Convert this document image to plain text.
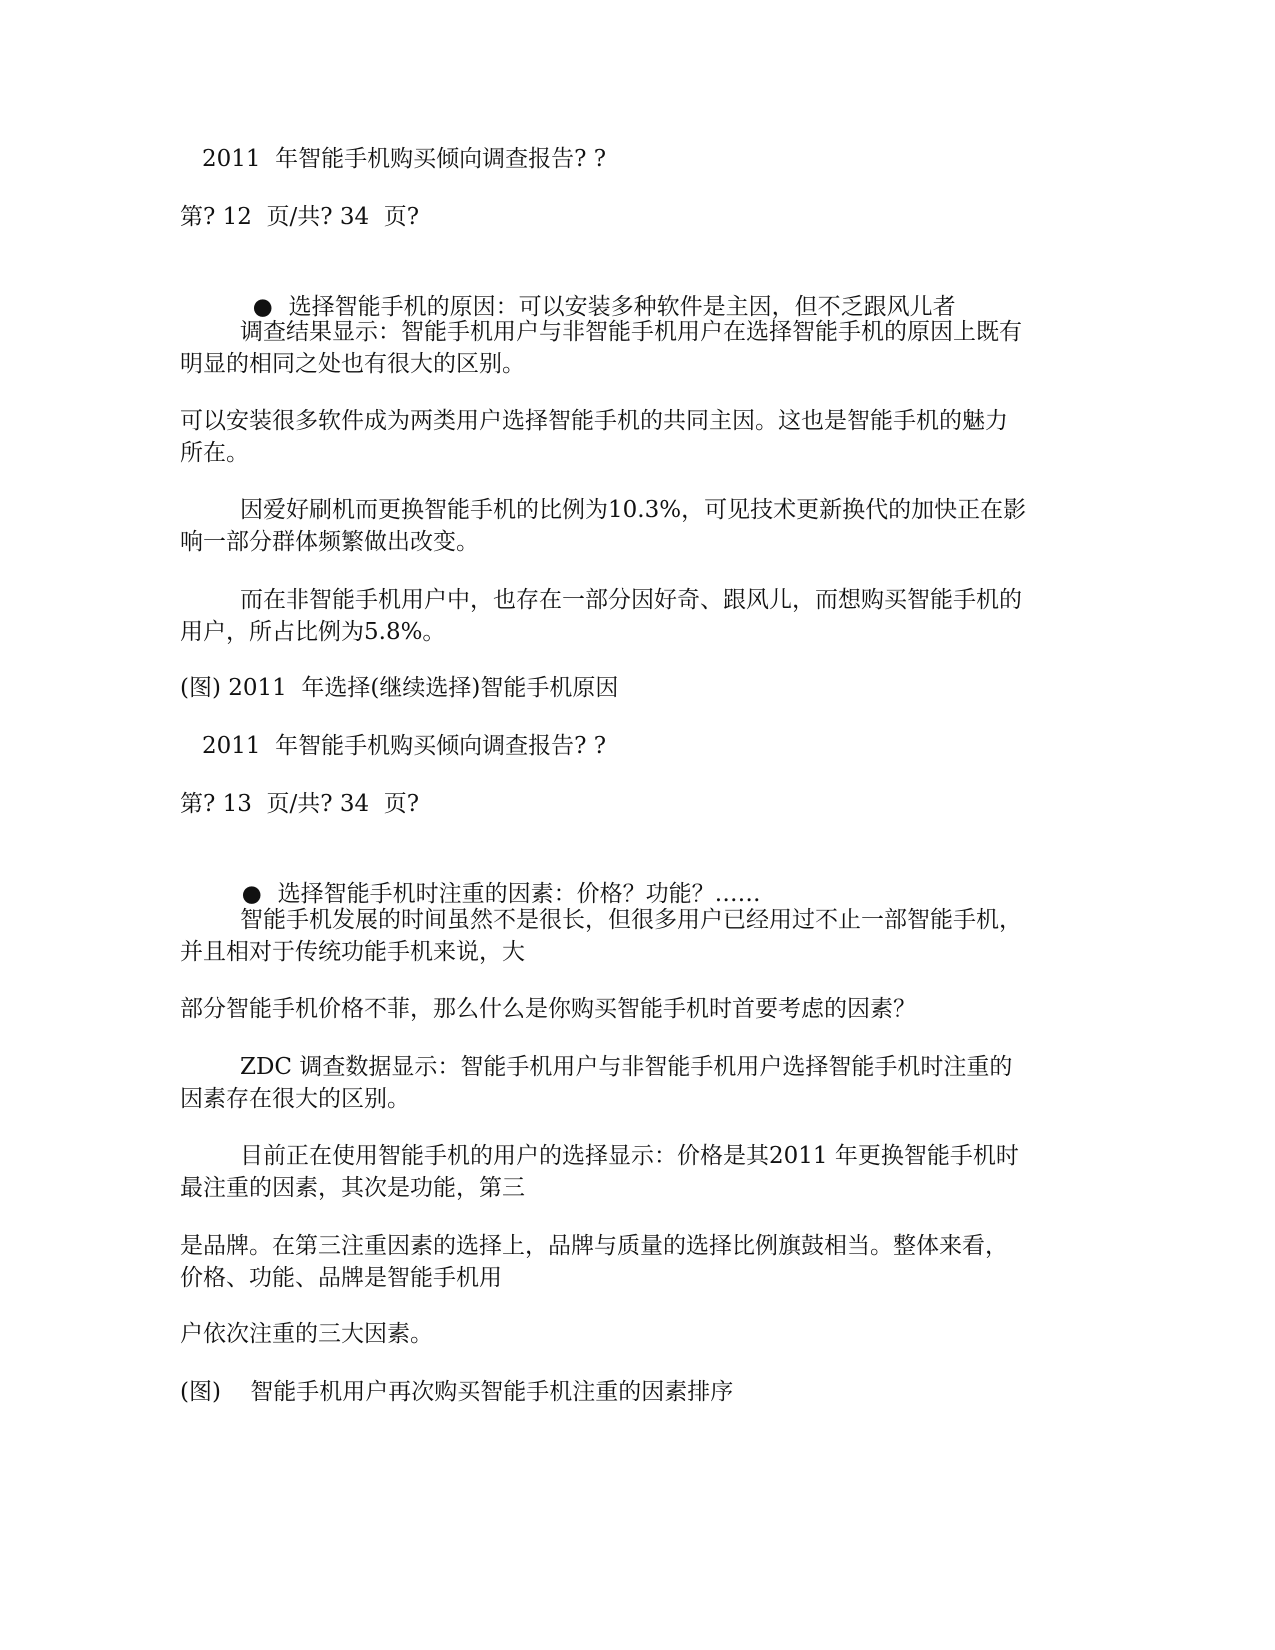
2011  年智能手机购买倾向调查报告? ?
第? 12  页/共? 34  页?

● 选择智能手机的原因：可以安装多种软件是主因，但不乏跟风儿者

调查结果显示：智能手机用户与非智能手机用户在选择智能手机的原因上既有
明显的相同之处也有很大的区别。
可以安装很多软件成为两类用户选择智能手机的共同主因。这也是智能手机的魅力
所在。
因爱好刷机而更换智能手机的比例为10.3%，可见技术更新换代的加快正在影
响一部分群体频繁做出改变。
而在非智能手机用户中，也存在一部分因好奇、跟风儿，而想购买智能手机的
用户，所占比例为5.8%。
(图) 2011  年选择(继续选择)智能手机原因
2011  年智能手机购买倾向调查报告? ?
第? 13  页/共? 34  页?

● 选择智能手机时注重的因素：价格？功能？……

智能手机发展的时间虽然不是很长，但很多用户已经用过不止一部智能手机，
并且相对于传统功能手机来说，大
部分智能手机价格不菲，那么什么是你购买智能手机时首要考虑的因素？
ZDC 调查数据显示：智能手机用户与非智能手机用户选择智能手机时注重的
因素存在很大的区别。
目前正在使用智能手机的用户的选择显示：价格是其2011 年更换智能手机时
最注重的因素，其次是功能，第三
是品牌。在第三注重因素的选择上，品牌与质量的选择比例旗鼓相当。整体来看，
价格、功能、品牌是智能手机用
户依次注重的三大因素。
(图)    智能手机用户再次购买智能手机注重的因素排序
